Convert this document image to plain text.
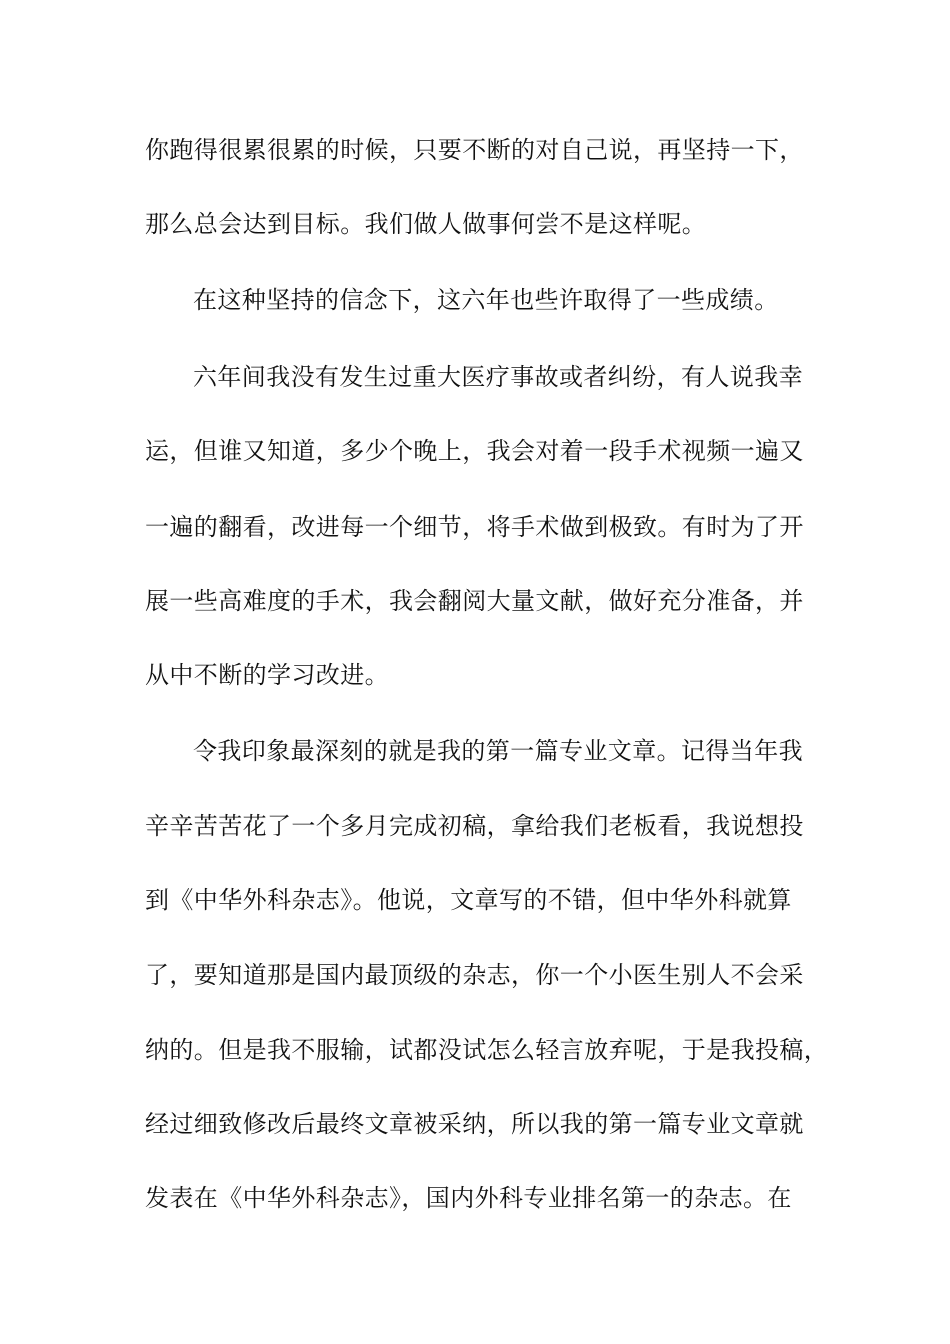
你跑得很累很累的时候，只要不断的对自己说，再坚持一下，
那么总会达到目标。我们做人做事何尝不是这样呢。
在这种坚持的信念下，这六年也些许取得了一些成绩。
六年间我没有发生过重大医疗事故或者纠纷，有人说我幸
运，但谁又知道，多少个晚上，我会对着一段手术视频一遍又
一遍的翻看，改进每一个细节，将手术做到极致。有时为了开
展一些高难度的手术，我会翻阅大量文献，做好充分准备，并
从中不断的学习改进。
令我印象最深刻的就是我的第一篇专业文章。记得当年我
辛辛苦苦花了一个多月完成初稿，拿给我们老板看，我说想投
到《中华外科杂志》。他说，文章写的不错，但中华外科就算
了，要知道那是国内最顶级的杂志，你一个小医生别人不会采
纳的。但是我不服输，试都没试怎么轻言放弃呢，于是我投稿，
经过细致修改后最终文章被采纳，所以我的第一篇专业文章就
发表在《中华外科杂志》，国内外科专业排名第一的杂志。在
